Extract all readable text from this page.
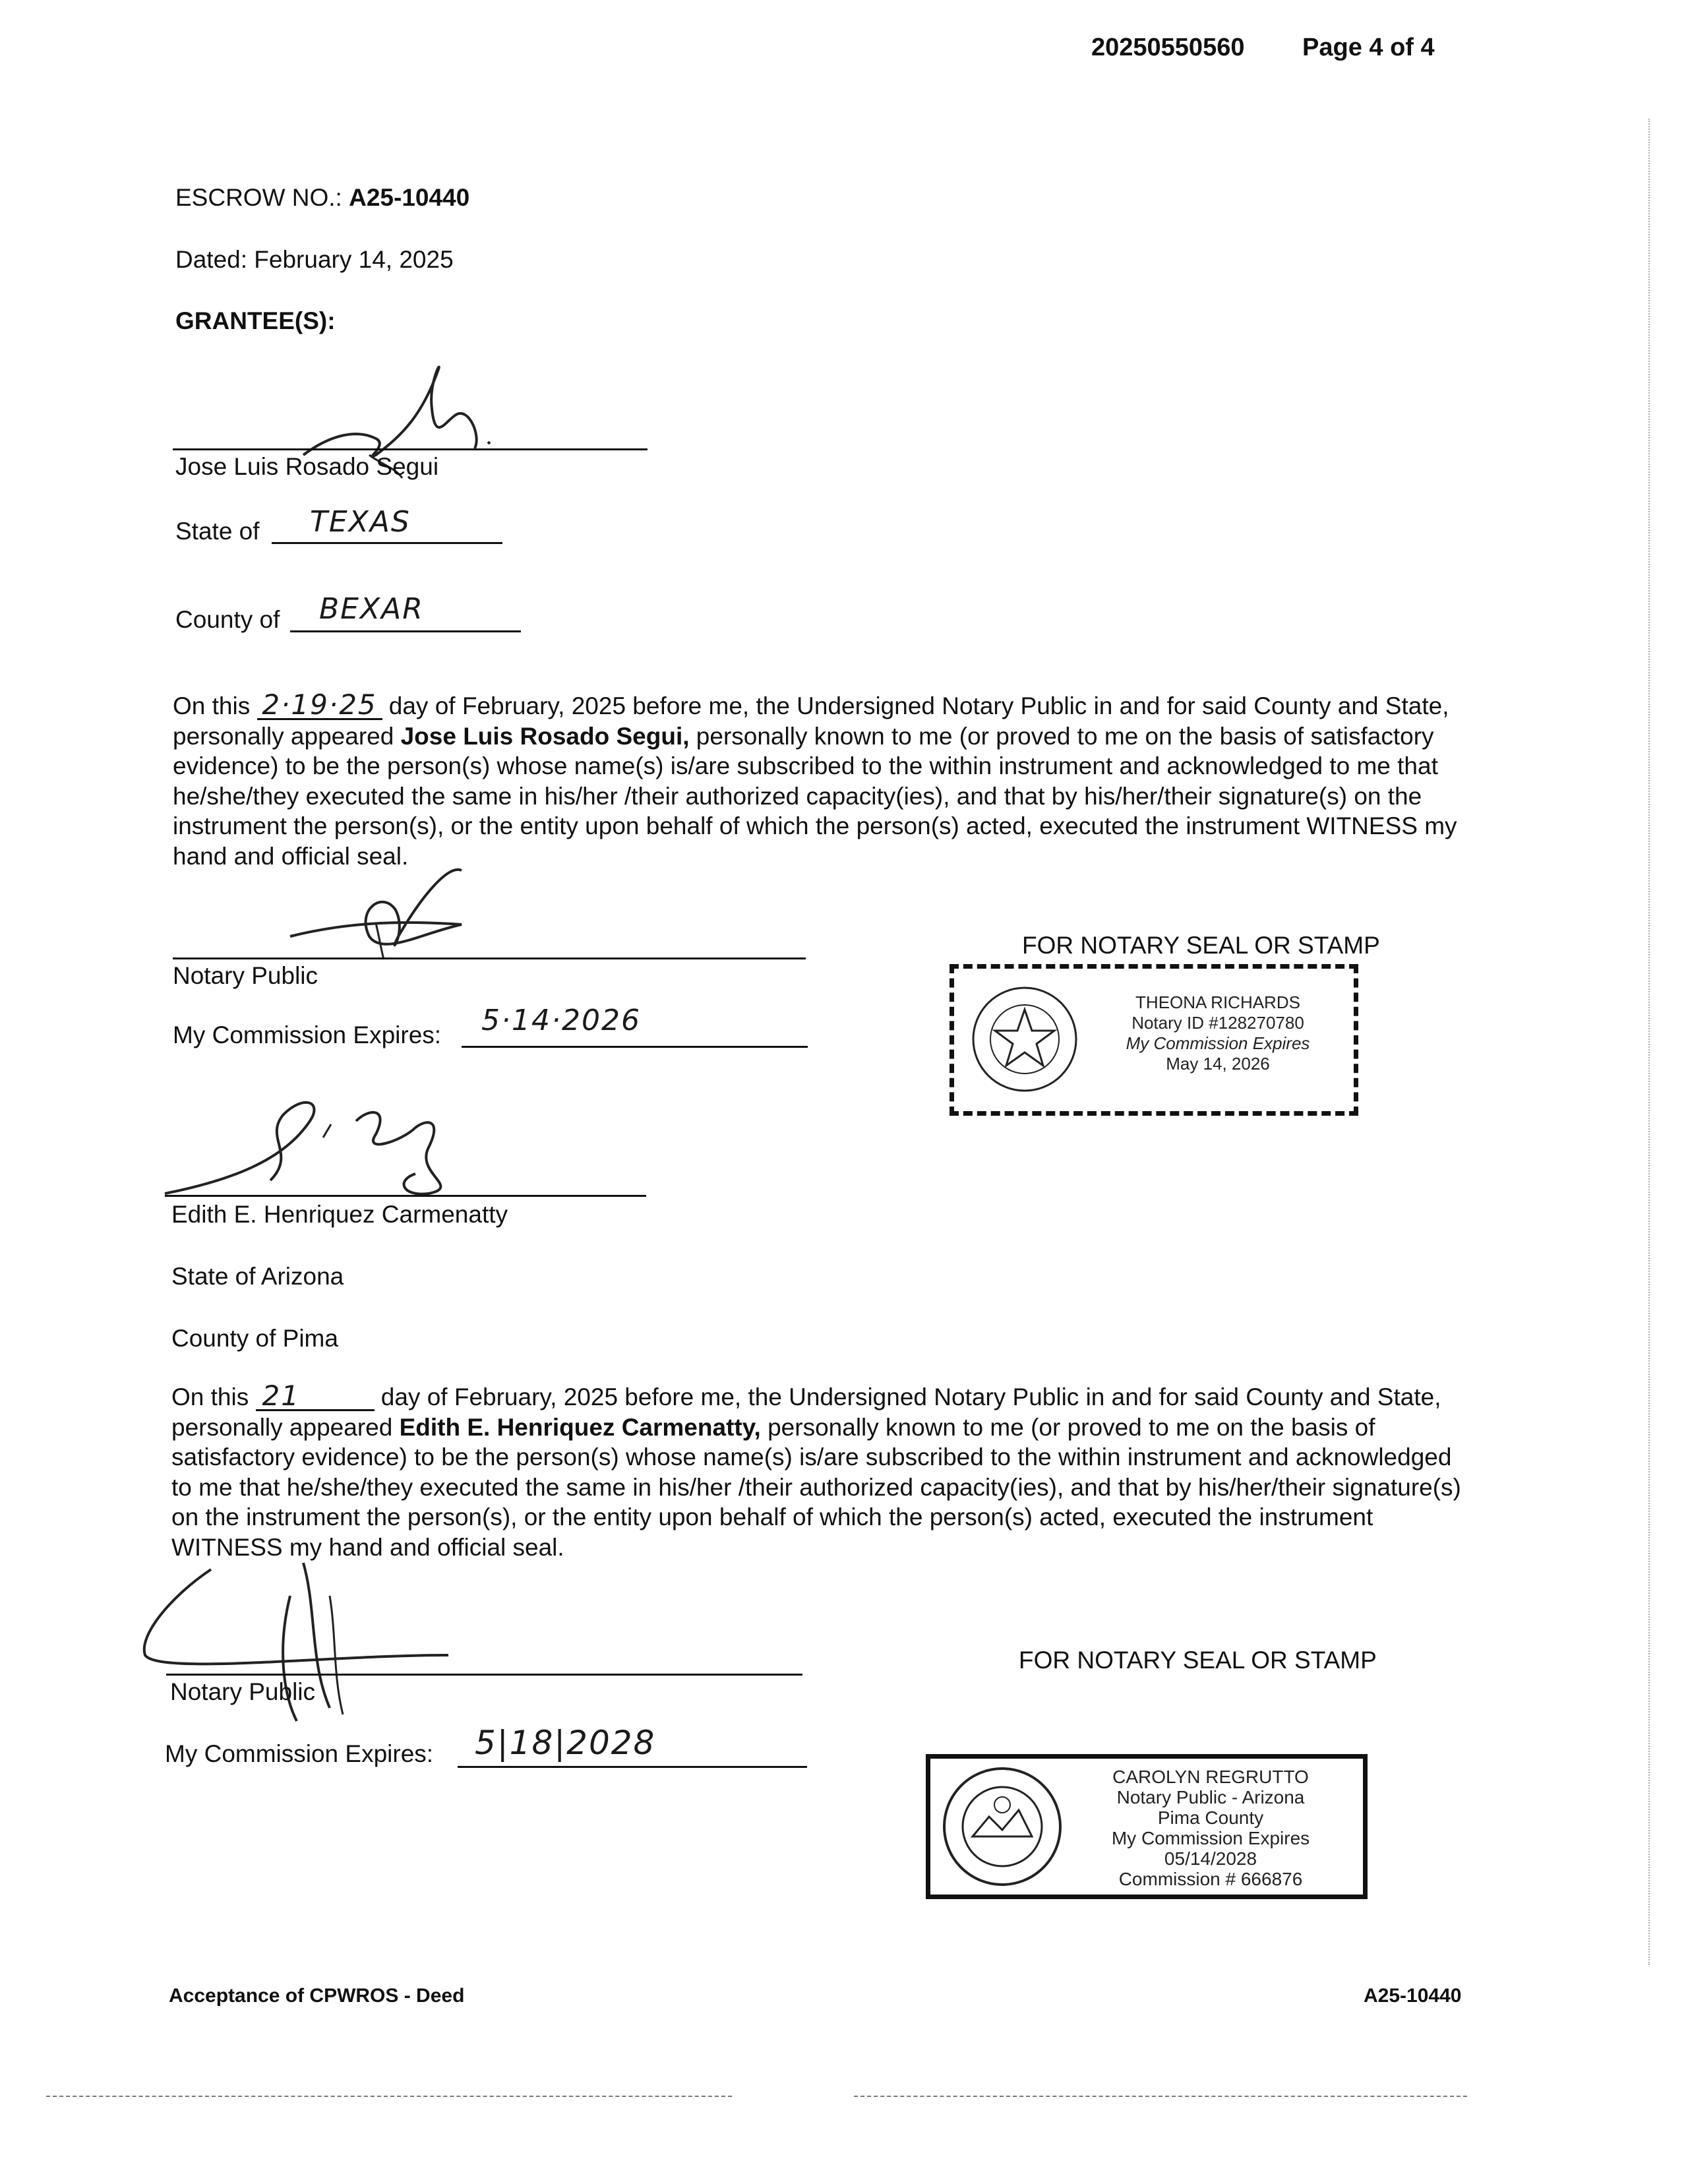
20250550560 Page 4 of 4
ESCROW NO.: A25-10440
Dated: February 14, 2025
GRANTEE(S):
Jose Luis Rosado Segui
State of TEXAS
County of BEXAR
On this 2·19·25 day of February, 2025 before me, the Undersigned Notary Public in and for said County and State, personally appeared Jose Luis Rosado Segui, personally known to me (or proved to me on the basis of satisfactory evidence) to be the person(s) whose name(s) is/are subscribed to the within instrument and acknowledged to me that he/she/they executed the same in his/her /their authorized capacity(ies), and that by his/her/their signature(s) on the instrument the person(s), or the entity upon behalf of which the person(s) acted, executed the instrument WITNESS my hand and official seal.
Notary Public
My Commission Expires: 5·14·2026
FOR NOTARY SEAL OR STAMP
THEONA RICHARDS
Notary ID #128270780
My Commission Expires
May 14, 2026
Edith E. Henriquez Carmenatty
State of Arizona
County of Pima
On this 21	day of February, 2025 before me, the Undersigned Notary Public in and for said County and State, personally appeared Edith E. Henriquez Carmenatty, personally known to me (or proved to me on the basis of satisfactory evidence) to be the person(s) whose name(s) is/are subscribed to the within instrument and acknowledged to me that he/she/they executed the same in his/her /their authorized capacity(ies), and that by his/her/their signature(s) on the instrument the person(s), or the entity upon behalf of which the person(s) acted, executed the instrument WITNESS my hand and official seal.
Notary Public
My Commission Expires: 5|18|2028
FOR NOTARY SEAL OR STAMP
CAROLYN REGRUTTO
Notary Public - Arizona
Pima County
My Commission Expires
05/14/2028
Commission # 666876
Acceptance of CPWROS - Deed	A25-10440
